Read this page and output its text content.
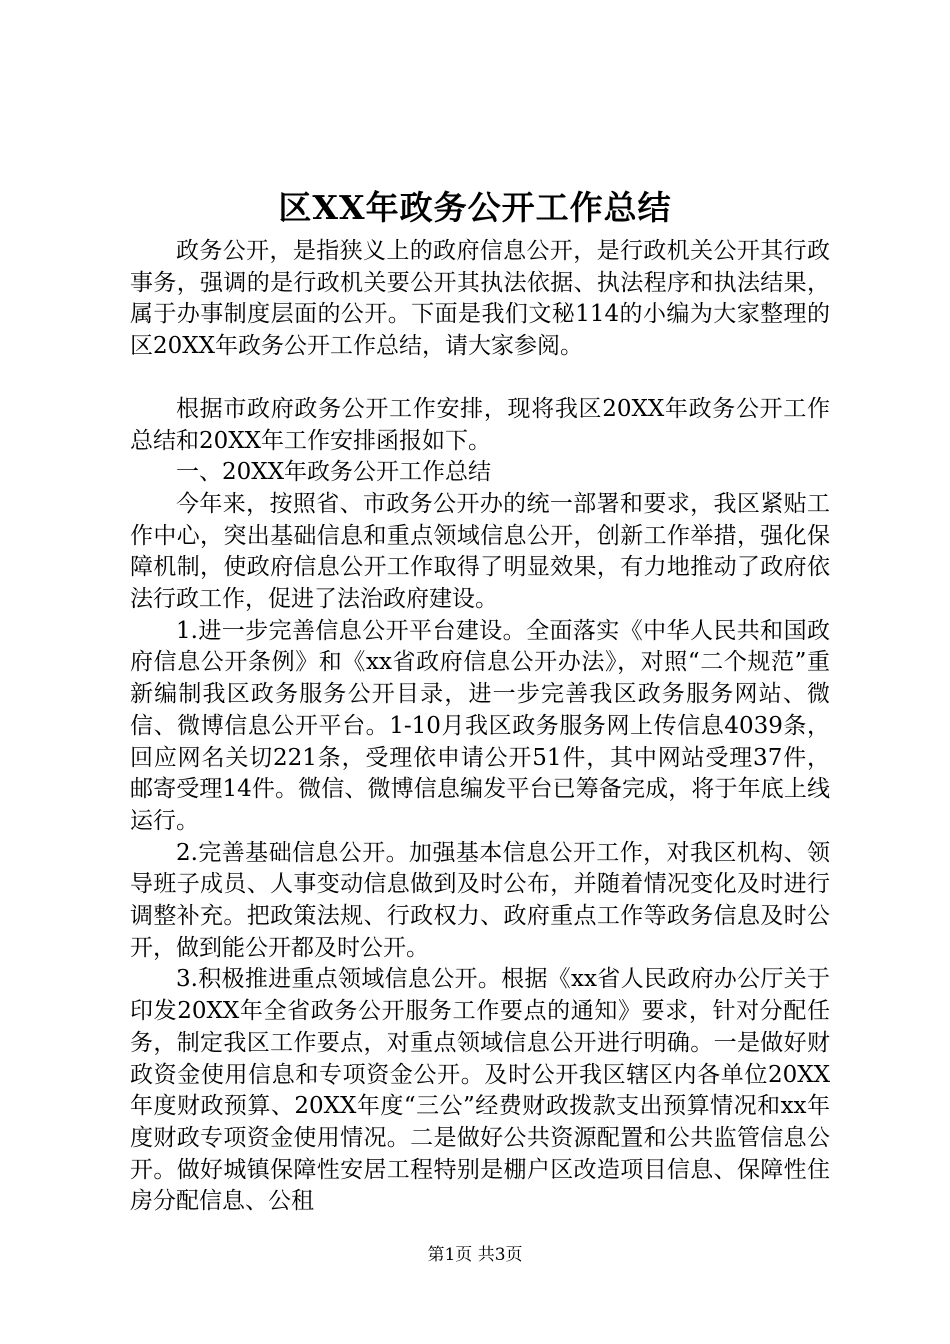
区XX年政务公开工作总结

政务公开，是指狭义上的政府信息公开，是行政机关公开其行政事务，强调的是行政机关要公开其执法依据、执法程序和执法结果，属于办事制度层面的公开。下面是我们文秘114的小编为大家整理的区20XX年政务公开工作总结，请大家参阅。

根据市政府政务公开工作安排，现将我区20XX年政务公开工作总结和20XX年工作安排函报如下。

一、20XX年政务公开工作总结

今年来，按照省、市政务公开办的统一部署和要求，我区紧贴工作中心，突出基础信息和重点领域信息公开，创新工作举措，强化保障机制，使政府信息公开工作取得了明显效果，有力地推动了政府依法行政工作，促进了法治政府建设。

1.进一步完善信息公开平台建设。全面落实《中华人民共和国政府信息公开条例》和《xx省政府信息公开办法》，对照“二个规范”重新编制我区政务服务公开目录，进一步完善我区政务服务网站、微信、微博信息公开平台。1-10月我区政务服务网上传信息4039条，回应网名关切221条，受理依申请公开51件，其中网站受理37件，邮寄受理14件。微信、微博信息编发平台已筹备完成，将于年底上线运行。

2.完善基础信息公开。加强基本信息公开工作，对我区机构、领导班子成员、人事变动信息做到及时公布，并随着情况变化及时进行调整补充。把政策法规、行政权力、政府重点工作等政务信息及时公开，做到能公开都及时公开。

3.积极推进重点领域信息公开。根据《xx省人民政府办公厅关于印发20XX年全省政务公开服务工作要点的通知》要求，针对分配任务，制定我区工作要点，对重点领域信息公开进行明确。一是做好财政资金使用信息和专项资金公开。及时公开我区辖区内各单位20XX年度财政预算、20XX年度“三公”经费财政拨款支出预算情况和xx年度财政专项资金使用情况。二是做好公共资源配置和公共监管信息公开。做好城镇保障性安居工程特别是棚户区改造项目信息、保障性住房分配信息、公租

第1页 共3页
